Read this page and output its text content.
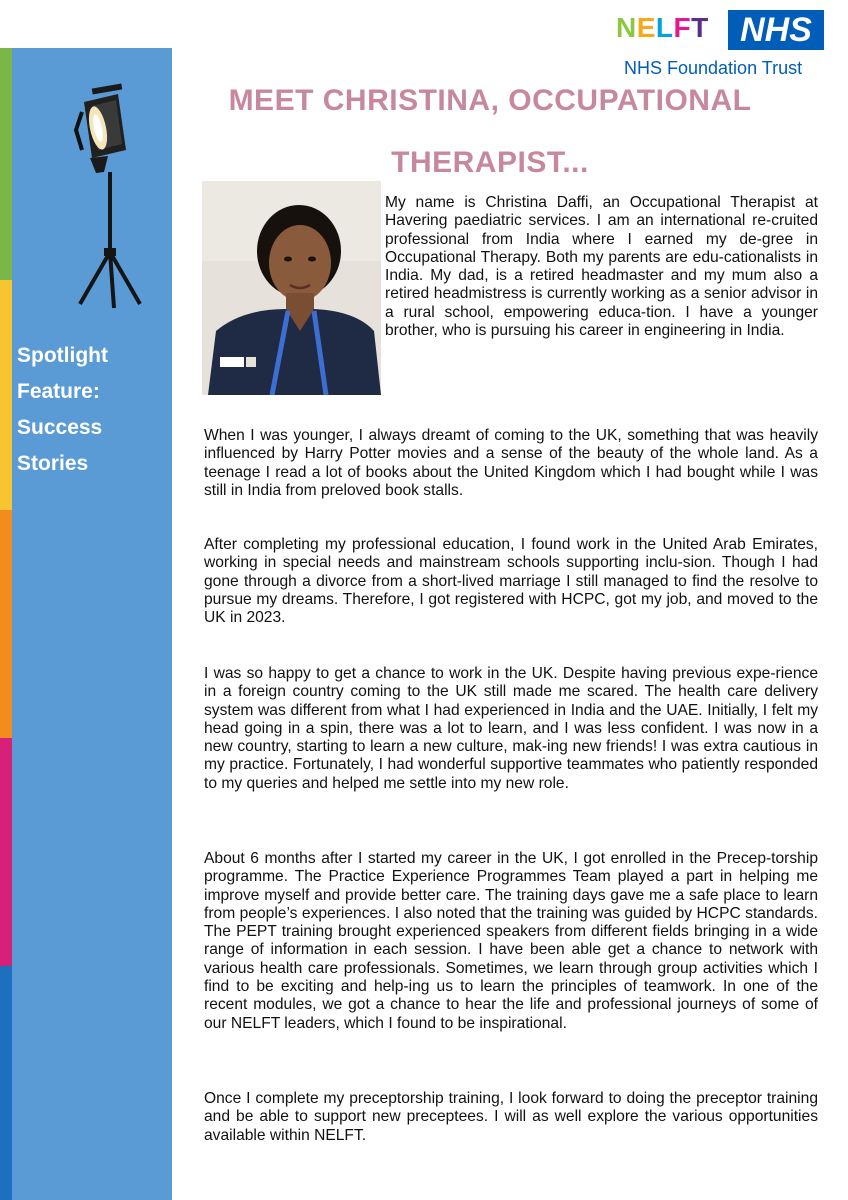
Spotlight
Feature:
Success
Stories
NELFT NHS
NHS Foundation Trust
MEET CHRISTINA, OCCUPATIONAL
THERAPIST...

My name is Christina Daffi, an Occupational Therapist at Havering paediatric services. I am an international re-cruited professional from India where I earned my de-gree in Occupational Therapy. Both my parents are edu-cationalists in India. My dad, is a retired headmaster and my mum also a retired headmistress is currently working as a senior advisor in a rural school, empowering educa-tion. I have a younger brother, who is pursuing his career in engineering in India.

When I was younger, I always dreamt of coming to the UK, something that was heavily influenced by Harry Potter movies and a sense of the beauty of the whole land. As a teenage I read a lot of books about the United Kingdom which I had bought while I was still in India from preloved book stalls.

After completing my professional education, I found work in the United Arab Emirates, working in special needs and mainstream schools supporting inclu-sion. Though I had gone through a divorce from a short-lived marriage I still managed to find the resolve to pursue my dreams. Therefore, I got registered with HCPC, got my job, and moved to the UK in 2023.

I was so happy to get a chance to work in the UK. Despite having previous expe-rience in a foreign country coming to the UK still made me scared. The health care delivery system was different from what I had experienced in India and the UAE. Initially, I felt my head going in a spin, there was a lot to learn, and I was less confident. I was now in a new country, starting to learn a new culture, mak-ing new friends! I was extra cautious in my practice. Fortunately, I had wonderful supportive teammates who patiently responded to my queries and helped me settle into my new role.

About 6 months after I started my career in the UK, I got enrolled in the Precep-torship programme. The Practice Experience Programmes Team played a part in helping me improve myself and provide better care. The training days gave me a safe place to learn from people’s experiences. I also noted that the training was guided by HCPC standards. The PEPT training brought experienced speakers from different fields bringing in a wide range of information in each session. I have been able get a chance to network with various health care professionals. Sometimes, we learn through group activities which I find to be exciting and help-ing us to learn the principles of teamwork. In one of the recent modules, we got a chance to hear the life and professional journeys of some of our NELFT leaders, which I found to be inspirational.

Once I complete my preceptorship training, I look forward to doing the preceptor training and be able to support new preceptees. I will as well explore the various opportunities available within NELFT.
